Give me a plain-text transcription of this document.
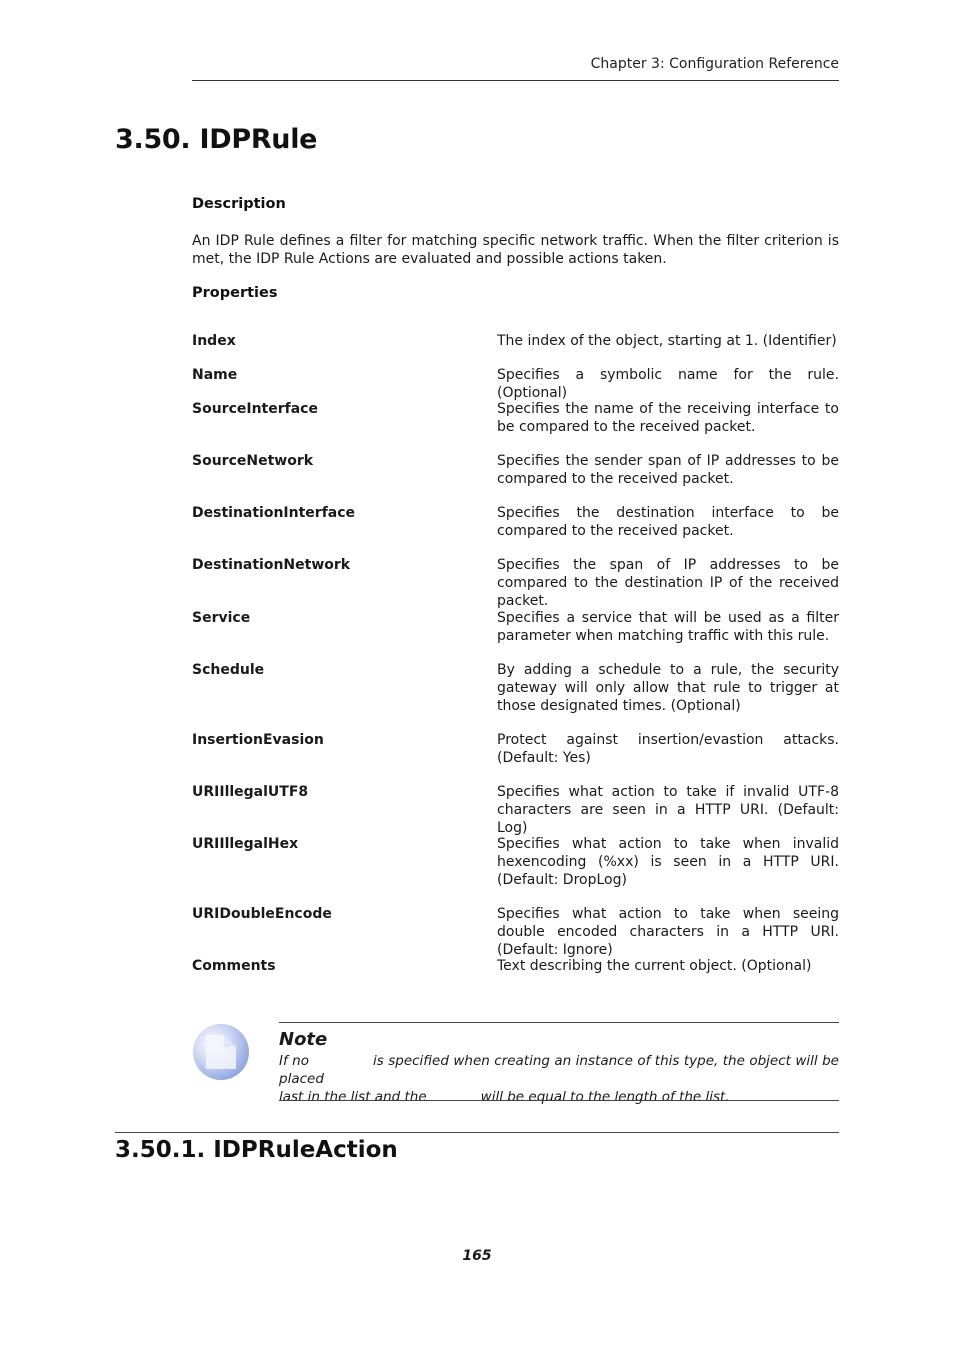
Chapter 3: Configuration Reference
3.50. IDPRule
Description

An IDP Rule defines a filter for matching specific network traffic. When the filter criterion is met, the IDP Rule Actions are evaluated and possible actions taken.

Properties
Index	The index of the object, starting at 1. (Identifier)
Name	Specifies a symbolic name for the rule. (Optional)
SourceInterface	Specifies the name of the receiving interface to be compared to the received packet.
SourceNetwork	Specifies the sender span of IP addresses to be compared to the received packet.
DestinationInterface	Specifies the destination interface to be compared to the received packet.
DestinationNetwork	Specifies the span of IP addresses to be compared to the destination IP of the received packet.
Service	Specifies a service that will be used as a filter parameter when matching traffic with this rule.
Schedule	By adding a schedule to a rule, the security gateway will only allow that rule to trigger at those designated times. (Optional)
InsertionEvasion	Protect against insertion/evastion attacks. (Default: Yes)
URIIllegalUTF8	Specifies what action to take if invalid UTF-8 characters are seen in a HTTP URI. (Default: Log)
URIIllegalHex	Specifies what action to take when invalid hexencoding (%xx) is seen in a HTTP URI. (Default: DropLog)
URIDoubleEncode	Specifies what action to take when seeing double encoded characters in a HTTP URI. (Default: Ignore)
Comments	Text describing the current object. (Optional)
Note

If no	is specified when creating an instance of this type, the object will be placed
last in the list and the	will be equal to the length of the list.

3.50.1. IDPRuleAction
165
